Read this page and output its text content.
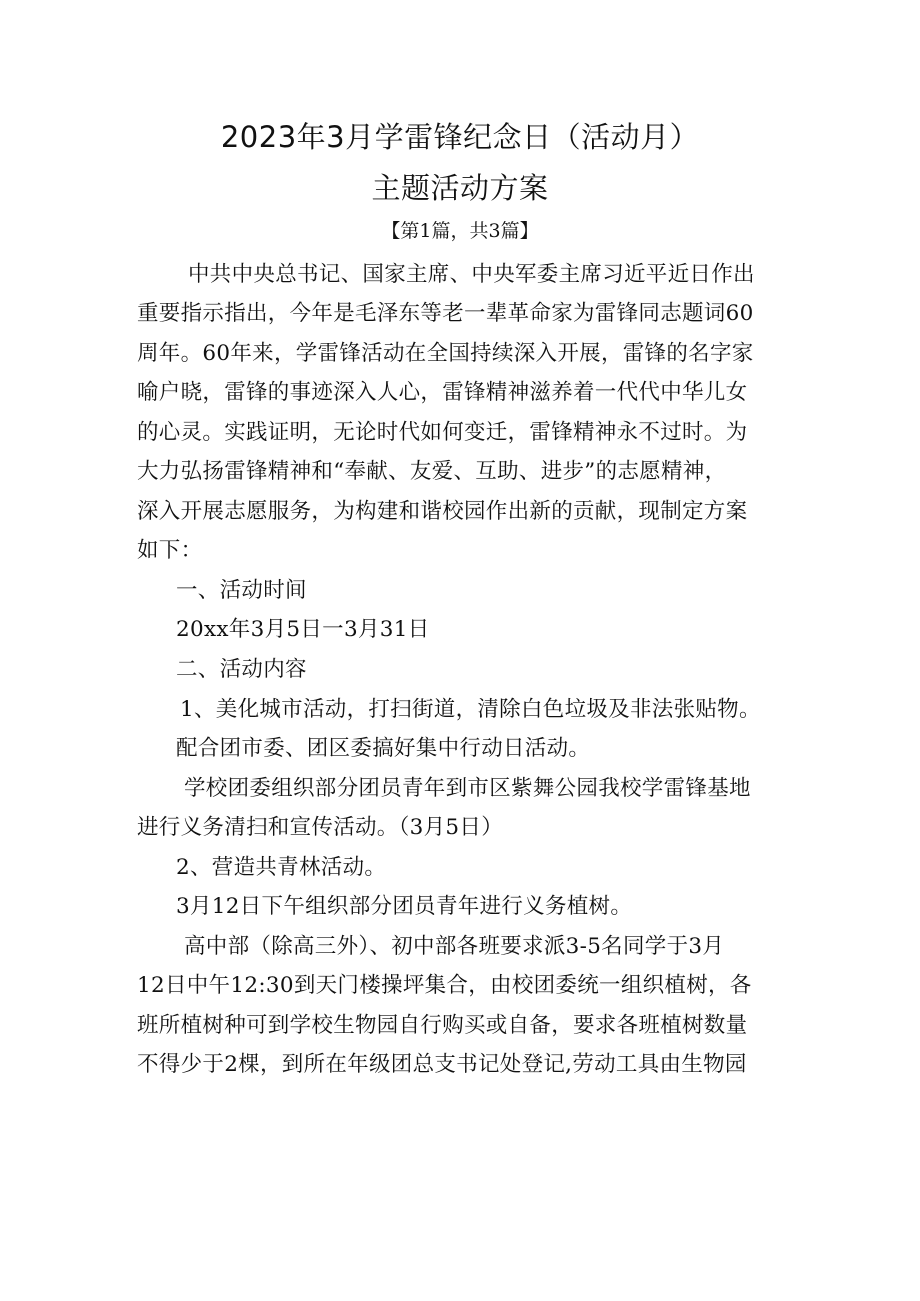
2023年3月学雷锋纪念日（活动月）
主题活动方案
【第1篇，共3篇】
中共中央总书记、国家主席、中央军委主席习近平近日作出
重要指示指出，今年是毛泽东等老一辈革命家为雷锋同志题词60
周年。60年来，学雷锋活动在全国持续深入开展，雷锋的名字家
喻户晓，雷锋的事迹深入人心，雷锋精神滋养着一代代中华儿女
的心灵。实践证明，无论时代如何变迁，雷锋精神永不过时。为
大力弘扬雷锋精神和“奉献、友爱、互助、进步”的志愿精神，
深入开展志愿服务，为构建和谐校园作出新的贡献，现制定方案
如下：
一、活动时间
20xx年3月5日一3月31日
二、活动内容
1、美化城市活动，打扫街道，清除白色垃圾及非法张贴物。
配合团市委、团区委搞好集中行动日活动。
学校团委组织部分团员青年到市区紫舞公园我校学雷锋基地
进行义务清扫和宣传活动。（3月5日）
2、营造共青林活动。
3月12日下午组织部分团员青年进行义务植树。
高中部（除高三外）、初中部各班要求派3-5名同学于3月
12日中午12:30到天门楼操坪集合，由校团委统一组织植树，各
班所植树种可到学校生物园自行购买或自备，要求各班植树数量
不得少于2棵，到所在年级团总支书记处登记,劳动工具由生物园
